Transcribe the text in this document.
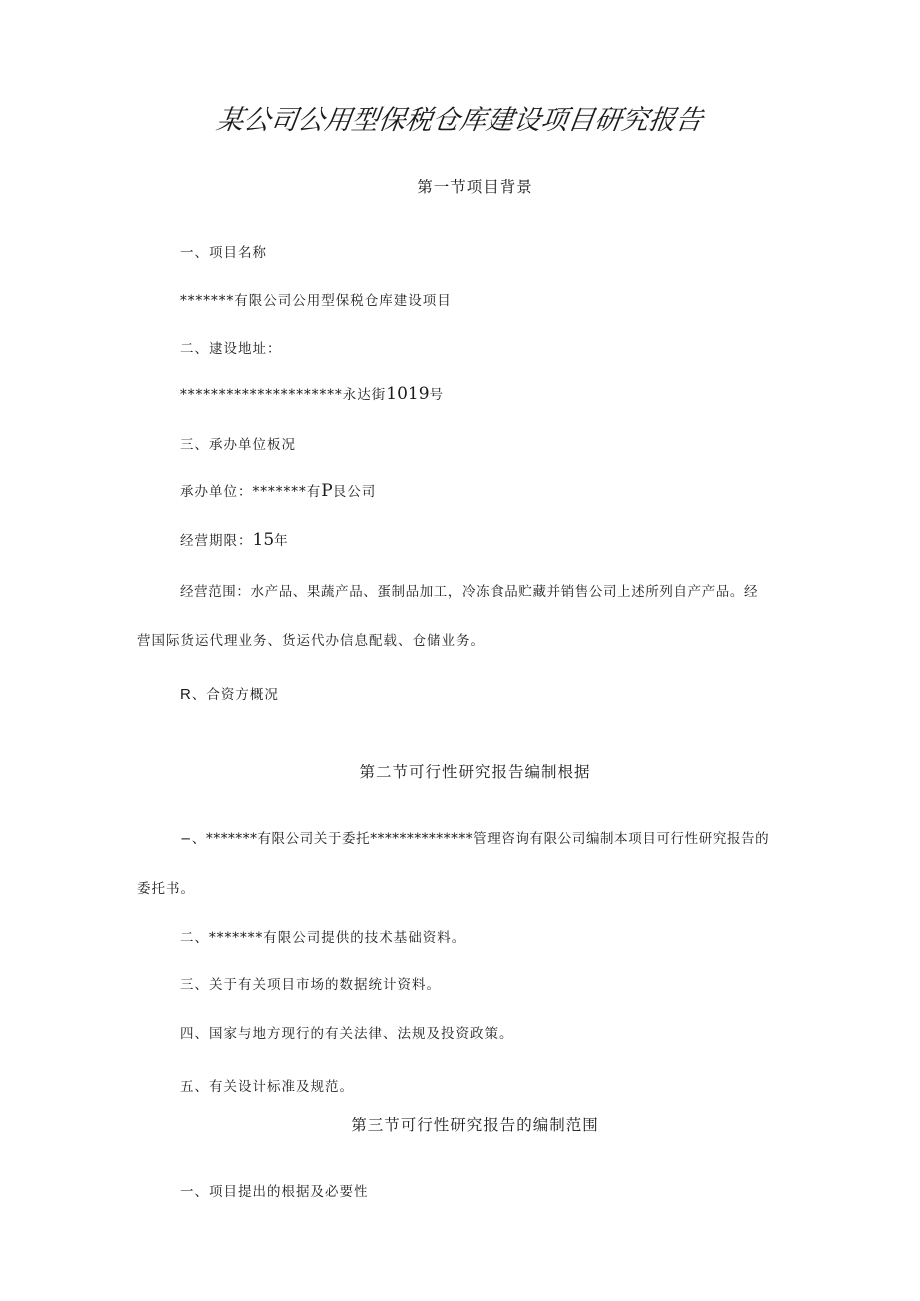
某公司公用型保税仓库建设项目研究报告
第一节项目背景

一、项目名称

*******有限公司公用型保税仓库建设项目

二、逮设地址：

*********************永达街1019号

三、承办单位板况

承办单位：*******有P艮公司

经营期限：15年

经营范围：水产品、果蔬产品、蛋制品加工，冷冻食品贮藏并销售公司上述所列自产产品。经

营国际货运代理业务、货运代办信息配载、仓储业务。

R、合资方概况

第二节可行性研究报告编制根据

−、*******有限公司关于委托**************管理咨询有限公司编制本项目可行性研究报告的

委托书。

二、*******有限公司提供的技术基础资料。

三、关于有关项目市场的数据统计资料。

四、国家与地方现行的有关法律、法规及投资政策。

五、有关设计标准及规范。

第三节可行性研究报告的编制范围

一、项目提出的根据及必要性
